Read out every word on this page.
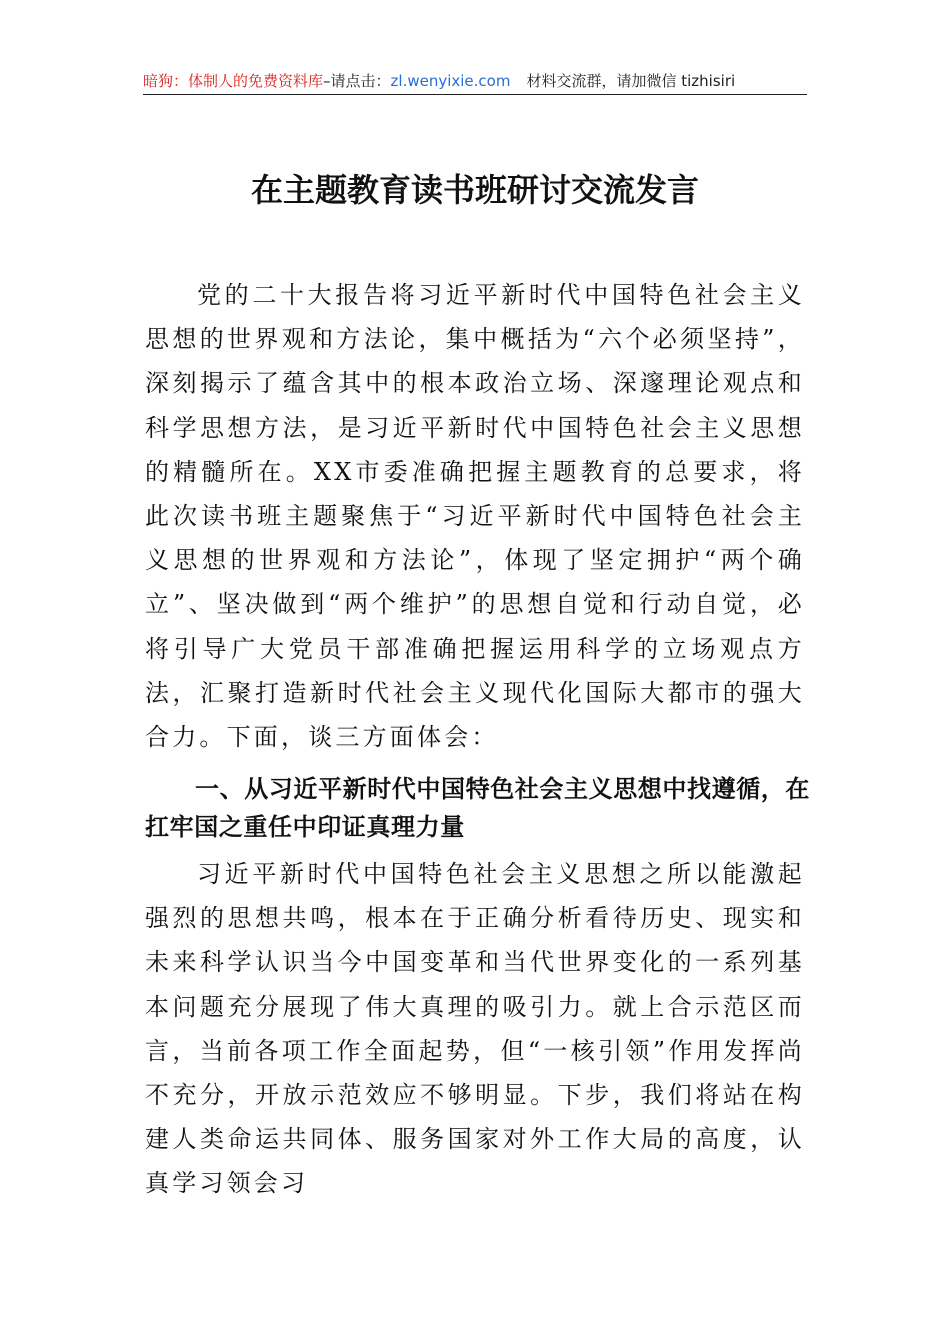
暗狗：体制人的免费资料库–请点击：zl.wenyixie.com 材料交流群，请加微信 tizhisiri
在主题教育读书班研讨交流发言

党的二十大报告将习近平新时代中国特色社会主义思想的世界观和方法论，集中概括为“六个必须坚持”，深刻揭示了蕴含其中的根本政治立场、深邃理论观点和科学思想方法，是习近平新时代中国特色社会主义思想的精髓所在。XX市委准确把握主题教育的总要求，将此次读书班主题聚焦于“习近平新时代中国特色社会主义思想的世界观和方法论”，体现了坚定拥护“两个确立”、坚决做到“两个维护”的思想自觉和行动自觉，必将引导广大党员干部准确把握运用科学的立场观点方法，汇聚打造新时代社会主义现代化国际大都市的强大合力。下面，谈三方面体会：

一、从习近平新时代中国特色社会主义思想中找遵循，在扛牢国之重任中印证真理力量

习近平新时代中国特色社会主义思想之所以能激起强烈的思想共鸣，根本在于正确分析看待历史、现实和未来科学认识当今中国变革和当代世界变化的一系列基本问题充分展现了伟大真理的吸引力。就上合示范区而言，当前各项工作全面起势，但“一核引领”作用发挥尚不充分，开放示范效应不够明显。下步，我们将站在构建人类命运共同体、服务国家对外工作大局的高度，认真学习领会习
